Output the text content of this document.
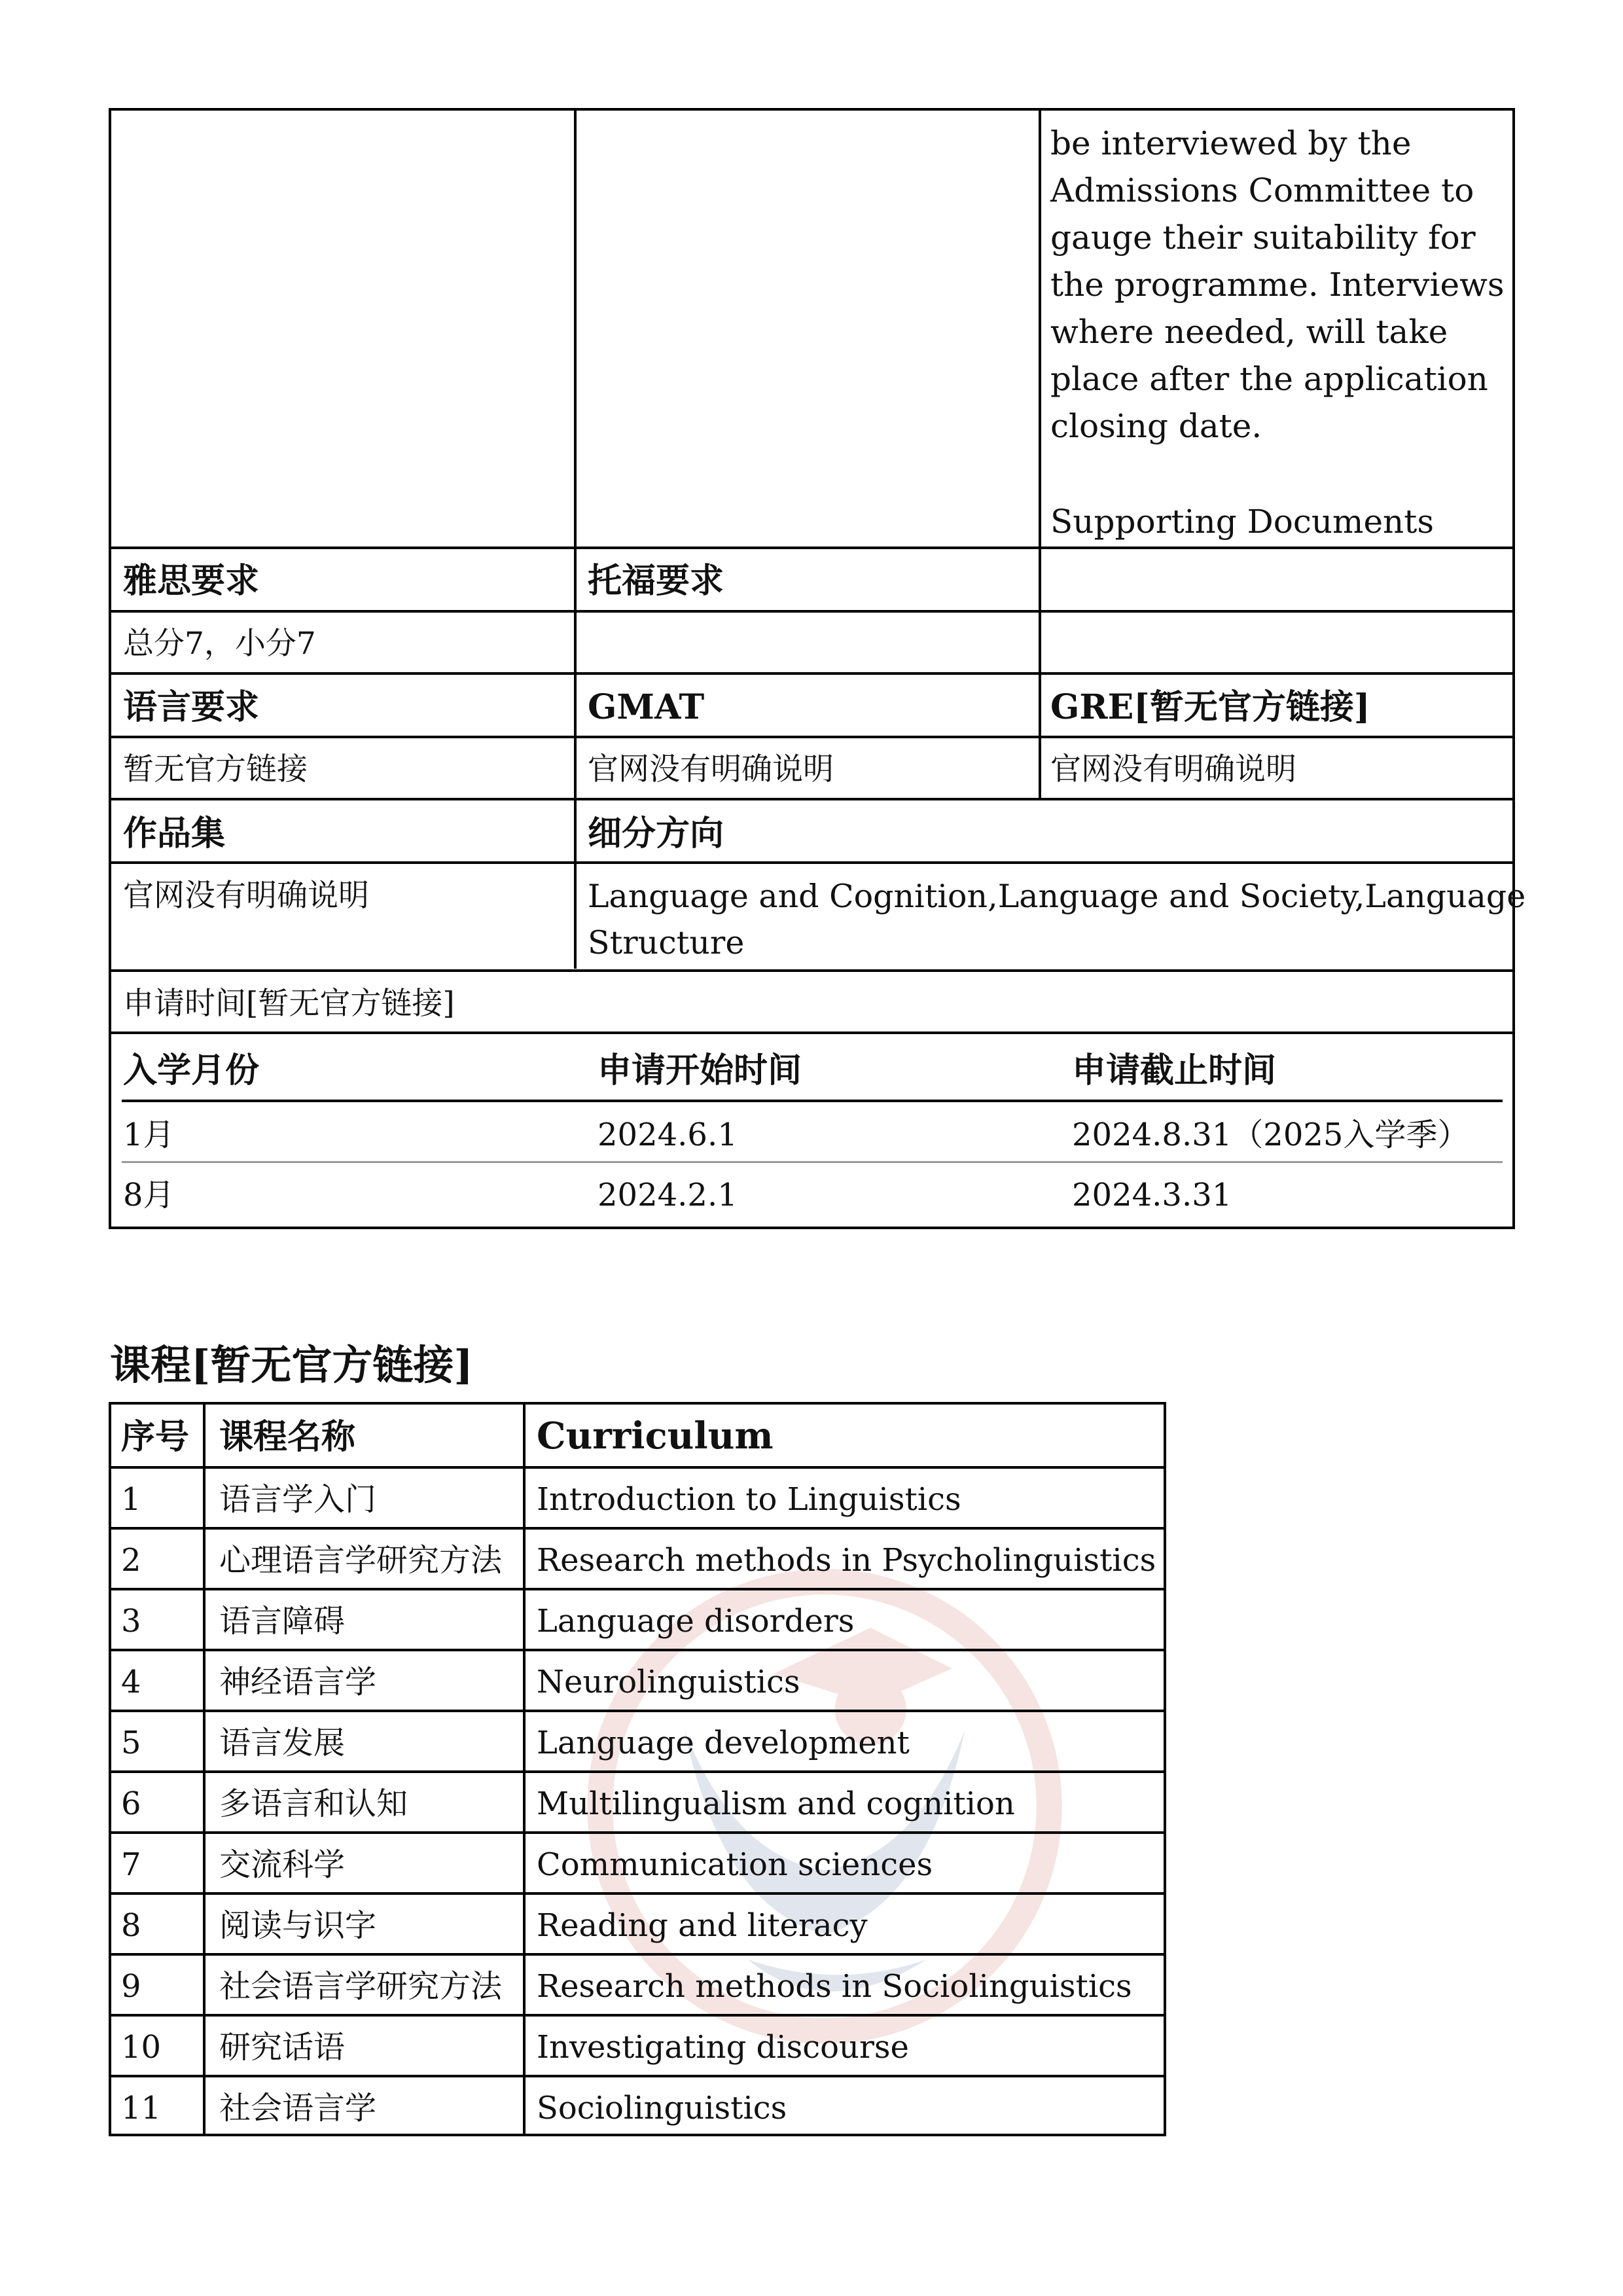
be interviewed by the Admissions Committee to gauge their suitability for the programme. Interviews where needed, will take place after the application closing date.
Supporting Documents
雅思要求	托福要求
总分7，小分7
语言要求	GMAT	GRE[暂无官方链接]
暂无官方链接	官网没有明确说明	官网没有明确说明
作品集	细分方向
官网没有明确说明	Language and Cognition,Language and Society,Language
Structure
申请时间[暂无官方链接]
入学月份	申请开始时间	申请截止时间
1月	2024.6.1	2024.8.31（2025入学季）
8月	2024.2.1	2024.3.31
课程[暂无官方链接]
序号 课程名称	Curriculum
1 语言学入门	Introduction to Linguistics
2 心理语言学研究方法 Research methods in Psycholinguistics
3 语言障碍	Language disorders
4 神经语言学	Neurolinguistics
5 语言发展	Language development
6 多语言和认知	Multilingualism and cognition
7 交流科学	Communication sciences
8 阅读与识字	Reading and literacy
9 社会语言学研究方法 Research methods in Sociolinguistics
10 研究话语	Investigating discourse
11 社会语言学	Sociolinguistics
